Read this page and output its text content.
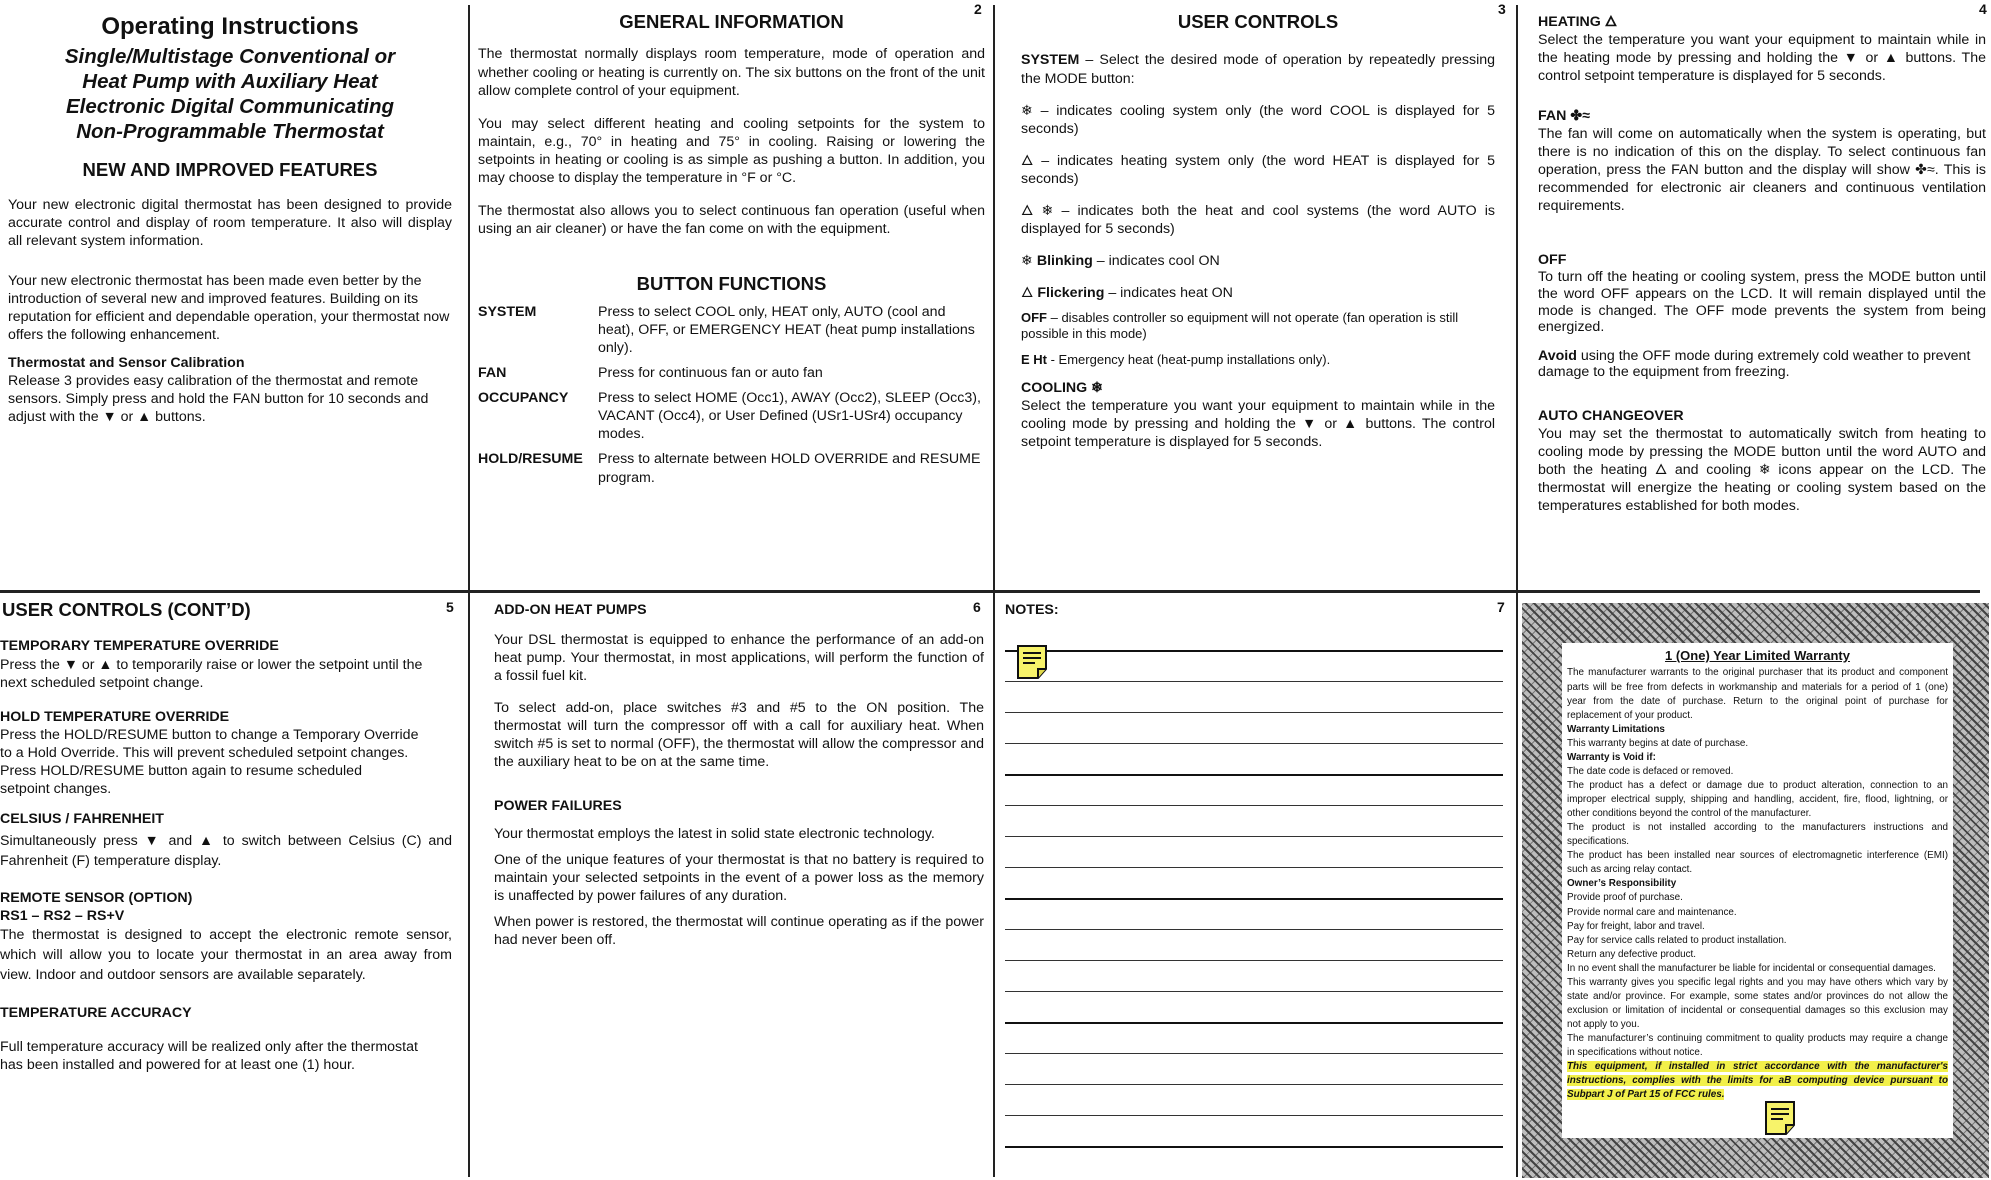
2	3	4
5	6	7
Operating Instructions
Single/Multistage Conventional or
Heat Pump with Auxiliary Heat
Electronic Digital Communicating
Non-Programmable Thermostat
NEW AND IMPROVED FEATURES

Your new electronic digital thermostat has been designed to provide accurate control and display of room temperature. It also will display all relevant system information.

Your new electronic thermostat has been made even better by the introduction of several new and improved features. Building on its reputation for efficient and dependable operation, your thermostat now offers the following enhancement.

Thermostat and Sensor Calibration
Release 3 provides easy calibration of the thermostat and remote sensors. Simply press and hold the FAN button for 10 seconds and adjust with the ▼ or ▲ buttons.
GENERAL INFORMATION

The thermostat normally displays room temperature, mode of operation and whether cooling or heating is currently on. The six buttons on the front of the unit allow complete control of your equipment.

You may select different heating and cooling setpoints for the system to maintain, e.g., 70° in heating and 75° in cooling. Raising or lowering the setpoints in heating or cooling is as simple as pushing a button. In addition, you may choose to display the temperature in °F or °C.

The thermostat also allows you to select continuous fan operation (useful when using an air cleaner) or have the fan come on with the equipment.

BUTTON FUNCTIONS
SYSTEM	Press to select COOL only, HEAT only, AUTO (cool and heat), OFF, or EMERGENCY HEAT (heat pump installations only).
FAN	Press for continuous fan or auto fan
OCCUPANCY	Press to select HOME (Occ1), AWAY (Occ2), SLEEP (Occ3), VACANT (Occ4), or User Defined (USr1-USr4) occupancy modes.
HOLD/RESUME	Press to alternate between HOLD OVERRIDE and RESUME program.
USER CONTROLS

SYSTEM – Select the desired mode of operation by repeatedly pressing the MODE button:

❄ – indicates cooling system only (the word COOL is displayed for 5 seconds)

🜂 – indicates heating system only (the word HEAT is displayed for 5 seconds)

🜂 ❄ – indicates both the heat and cool systems (the word AUTO is displayed for 5 seconds)

❄ Blinking – indicates cool ON

🜂 Flickering – indicates heat ON

OFF – disables controller so equipment will not operate (fan operation is still possible in this mode)

E Ht - Emergency heat (heat-pump installations only).

COOLING ❄
Select the temperature you want your equipment to maintain while in the cooling mode by pressing and holding the ▼ or ▲ buttons. The control setpoint temperature is displayed for 5 seconds.
HEATING 🜂

Select the temperature you want your equipment to maintain while in the heating mode by pressing and holding the ▼ or ▲ buttons. The control setpoint temperature is displayed for 5 seconds.

FAN ✤≈

The fan will come on automatically when the system is operating, but there is no indication of this on the display. To select continuous fan operation, press the FAN button and the display will show ✤≈. This is recommended for electronic air cleaners and continuous ventilation requirements.

OFF

To turn off the heating or cooling system, press the MODE button until the word OFF appears on the LCD. It will remain displayed until the mode is changed. The OFF mode prevents the system from being energized.

Avoid using the OFF mode during extremely cold weather to prevent damage to the equipment from freezing.

AUTO CHANGEOVER

You may set the thermostat to automatically switch from heating to cooling mode by pressing the MODE button until the word AUTO and both the heating 🜂 and cooling ❄ icons appear on the LCD. The thermostat will energize the heating or cooling system based on the temperatures established for both modes.

USER CONTROLS (CONT’D)
TEMPORARY TEMPERATURE OVERRIDE

Press the ▼ or ▲ to temporarily raise or lower the setpoint until the next scheduled setpoint change.

HOLD TEMPERATURE OVERRIDE
Press the HOLD/RESUME button to change a Temporary Override
to a Hold Override. This will prevent scheduled setpoint changes.
Press HOLD/RESUME button again to resume scheduled
setpoint changes.
CELSIUS / FAHRENHEIT

Simultaneously press ▼ and ▲ to switch between Celsius (C) and Fahrenheit (F) temperature display.

REMOTE SENSOR (OPTION)
RS1 – RS2 – RS+V

The thermostat is designed to accept the electronic remote sensor, which will allow you to locate your thermostat in an area away from view. Indoor and outdoor sensors are available separately.

TEMPERATURE ACCURACY
Full temperature accuracy will be realized only after the thermostat
has been installed and powered for at least one (1) hour.
ADD-ON HEAT PUMPS

Your DSL thermostat is equipped to enhance the performance of an add-on heat pump. Your thermostat, in most applications, will perform the function of a fossil fuel kit.

To select add-on, place switches #3 and #5 to the ON position. The thermostat will turn the compressor off with a call for auxiliary heat. When switch #5 is set to normal (OFF), the thermostat will allow the compressor and the auxiliary heat to be on at the same time.

POWER FAILURES

Your thermostat employs the latest in solid state electronic technology.

One of the unique features of your thermostat is that no battery is required to maintain your selected setpoints in the event of a power loss as the memory is unaffected by power failures of any duration.

When power is restored, the thermostat will continue operating as if the power had never been off.

NOTES:
1 (One) Year Limited Warranty
The manufacturer warrants to the original purchaser that its product and component parts will be free from defects in workmanship and materials for a period of 1 (one) year from the date of purchase. Return to the original point of purchase for replacement of your product.
Warranty Limitations
This warranty begins at date of purchase.
Warranty is Void if:
The date code is defaced or removed.
The product has a defect or damage due to product alteration, connection to an improper electrical supply, shipping and handling, accident, fire, flood, lightning, or other conditions beyond the control of the manufacturer.
The product is not installed according to the manufacturers instructions and specifications.
The product has been installed near sources of electromagnetic interference (EMI) such as arcing relay contact.
Owner’s Responsibility
Provide proof of purchase.
Provide normal care and maintenance.
Pay for freight, labor and travel.
Pay for service calls related to product installation.
Return any defective product.
In no event shall the manufacturer be liable for incidental or consequential damages.
This warranty gives you specific legal rights and you may have others which vary by state and/or province. For example, some states and/or provinces do not allow the exclusion or limitation of incidental or consequential damages so this exclusion may not apply to you.
The manufacturer’s continuing commitment to quality products may require a change in specifications without notice.
This equipment, if installed in strict accordance with the manufacturer's instructions, complies with the limits for aB computing device pursuant to Subpart J of Part 15 of FCC rules.
